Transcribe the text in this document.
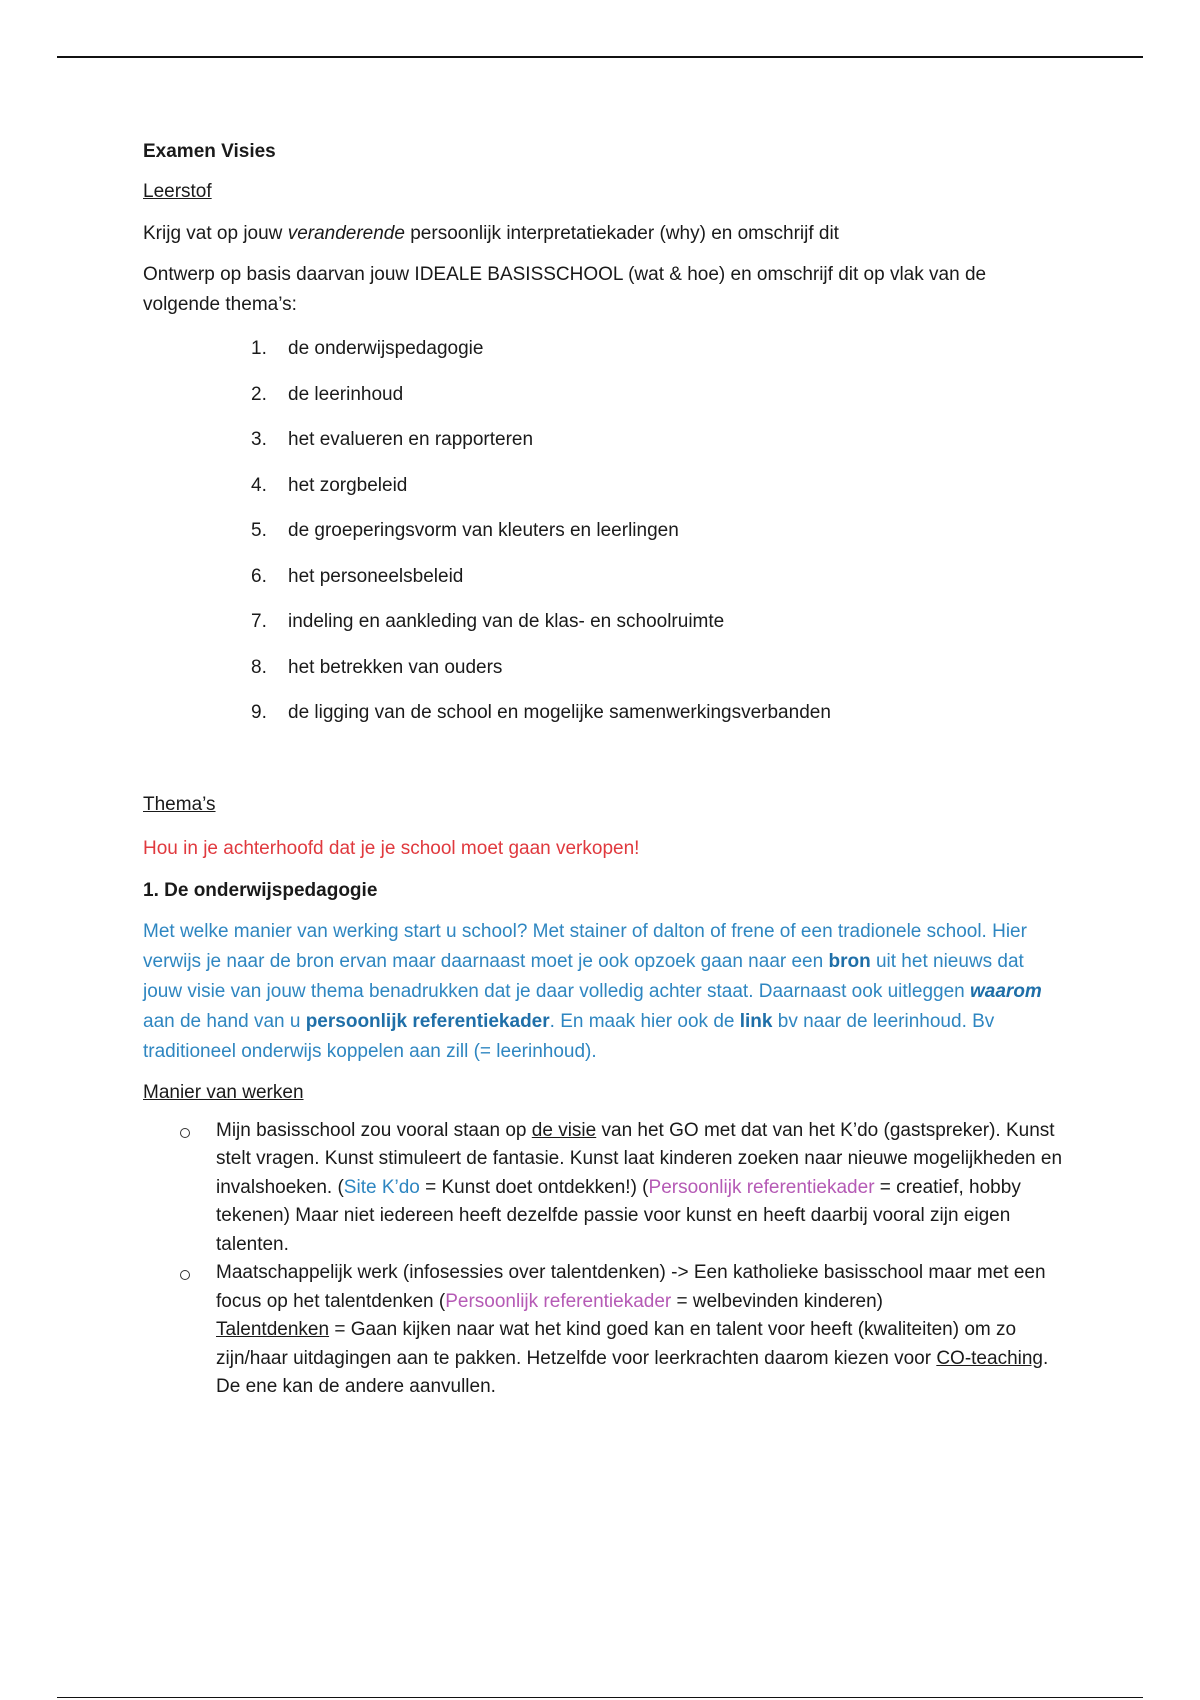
Examen Visies

Leerstof

Krijg vat op jouw veranderende persoonlijk interpretatiekader (why) en omschrijf dit

Ontwerp op basis daarvan jouw IDEALE BASISSCHOOL (wat & hoe) en omschrijf dit op vlak van de volgende thema’s:

1.	de onderwijspedagogie
2.	de leerinhoud
3.	het evalueren en rapporteren
4.	het zorgbeleid
5.	de groeperingsvorm van kleuters en leerlingen
6.	het personeelsbeleid
7.	indeling en aankleding van de klas- en schoolruimte
8.	het betrekken van ouders
9.	de ligging van de school en mogelijke samenwerkingsverbanden

Thema’s

Hou in je achterhoofd dat je je school moet gaan verkopen!

1. De onderwijspedagogie

Met welke manier van werking start u school? Met stainer of dalton of frene of een tradionele school. Hier verwijs je naar de bron ervan maar daarnaast moet je ook opzoek gaan naar een bron uit het nieuws dat jouw visie van jouw thema benadrukken dat je daar volledig achter staat. Daarnaast ook uitleggen waarom aan de hand van u persoonlijk referentiekader. En maak hier ook de link bv naar de leerinhoud. Bv traditioneel onderwijs koppelen aan zill (= leerinhoud).

Manier van werken

Mijn basisschool zou vooral staan op de visie van het GO met dat van het K’do (gastspreker). Kunst stelt vragen. Kunst stimuleert de fantasie. Kunst laat kinderen zoeken naar nieuwe mogelijkheden en invalshoeken. (Site K’do = Kunst doet ontdekken!) (Persoonlijk referentiekader = creatief, hobby tekenen) Maar niet iedereen heeft dezelfde passie voor kunst en heeft daarbij vooral zijn eigen talenten.
Maatschappelijk werk (infosessies over talentdenken) -> Een katholieke basisschool maar met een focus op het talentdenken (Persoonlijk referentiekader = welbevinden kinderen)
Talentdenken = Gaan kijken naar wat het kind goed kan en talent voor heeft (kwaliteiten) om zo zijn/haar uitdagingen aan te pakken. Hetzelfde voor leerkrachten daarom kiezen voor CO-teaching. De ene kan de andere aanvullen.
